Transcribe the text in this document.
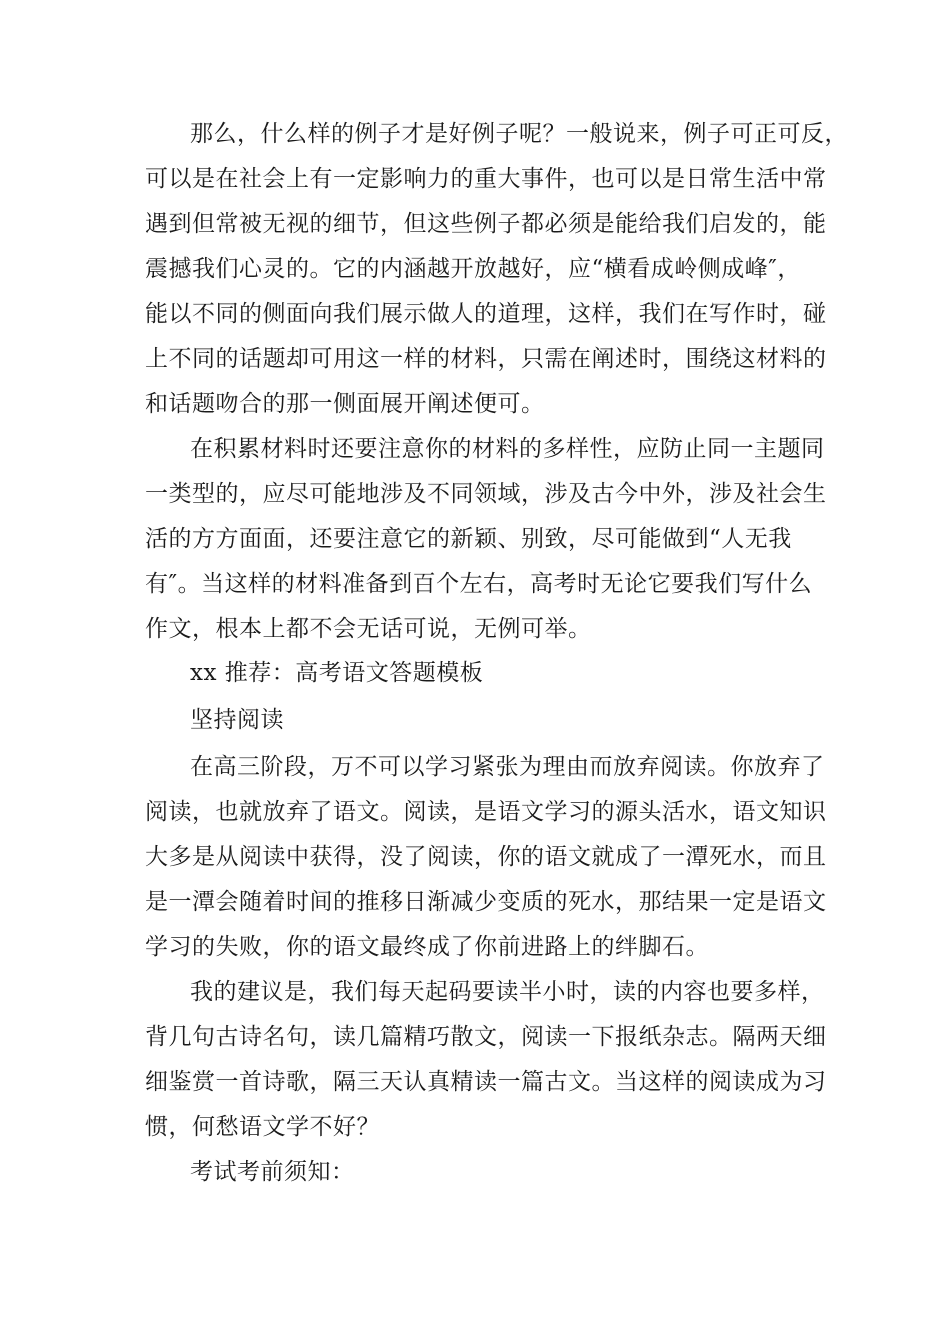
那么，什么样的例子才是好例子呢？一般说来，例子可正可反，
可以是在社会上有一定影响力的重大事件，也可以是日常生活中常
遇到但常被无视的细节，但这些例子都必须是能给我们启发的，能
震撼我们心灵的。它的内涵越开放越好，应“横看成岭侧成峰″，
能以不同的侧面向我们展示做人的道理，这样，我们在写作时，碰
上不同的话题却可用这一样的材料，只需在阐述时，围绕这材料的
和话题吻合的那一侧面展开阐述便可。
在积累材料时还要注意你的材料的多样性，应防止同一主题同
一类型的，应尽可能地涉及不同领域，涉及古今中外，涉及社会生
活的方方面面，还要注意它的新颖、别致，尽可能做到“人无我
有″。当这样的材料准备到百个左右，高考时无论它要我们写什么
作文，根本上都不会无话可说，无例可举。
xx 推荐：高考语文答题模板
坚持阅读
在高三阶段，万不可以学习紧张为理由而放弃阅读。你放弃了
阅读，也就放弃了语文。阅读，是语文学习的源头活水，语文知识
大多是从阅读中获得，没了阅读，你的语文就成了一潭死水，而且
是一潭会随着时间的推移日渐减少变质的死水，那结果一定是语文
学习的失败，你的语文最终成了你前进路上的绊脚石。
我的建议是，我们每天起码要读半小时，读的内容也要多样，
背几句古诗名句，读几篇精巧散文，阅读一下报纸杂志。隔两天细
细鉴赏一首诗歌，隔三天认真精读一篇古文。当这样的阅读成为习
惯，何愁语文学不好？
考试考前须知：
